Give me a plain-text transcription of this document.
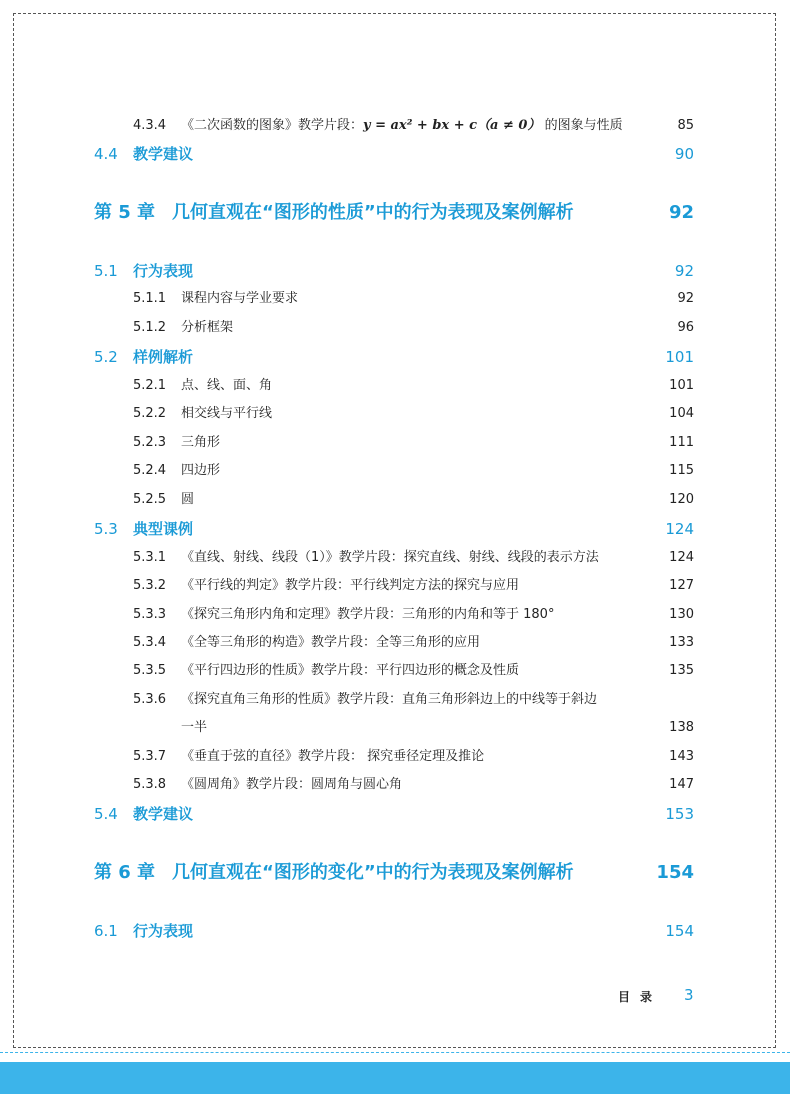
4.3.4 《二次函数的图象》教学片段：y = ax² + bx + c（a ≠ 0） 的图象与性质	85
4.4 教学建议	90
第 5 章 几何直观在“图形的性质”中的行为表现及案例解析	92
5.1 行为表现	92
5.1.1 课程内容与学业要求	92
5.1.2 分析框架	96
5.2 样例解析	101
5.2.1 点、线、面、角	101
5.2.2 相交线与平行线	104
5.2.3 三角形	111
5.2.4 四边形	115
5.2.5 圆	120
5.3 典型课例	124
5.3.1 《直线、射线、线段（1）》教学片段：探究直线、射线、线段的表示方法	124
5.3.2 《平行线的判定》教学片段：平行线判定方法的探究与应用	127
5.3.3 《探究三角形内角和定理》教学片段：三角形的内角和等于 180°	130
5.3.4 《全等三角形的构造》教学片段：全等三角形的应用	133
5.3.5 《平行四边形的性质》教学片段：平行四边形的概念及性质	135
5.3.6 《探究直角三角形的性质》教学片段：直角三角形斜边上的中线等于斜边
一半	138
5.3.7 《垂直于弦的直径》教学片段： 探究垂径定理及推论	143
5.3.8 《圆周角》教学片段：圆周角与圆心角	147
5.4 教学建议	153
第 6 章 几何直观在“图形的变化”中的行为表现及案例解析	154
6.1 行为表现	154
目录 3
